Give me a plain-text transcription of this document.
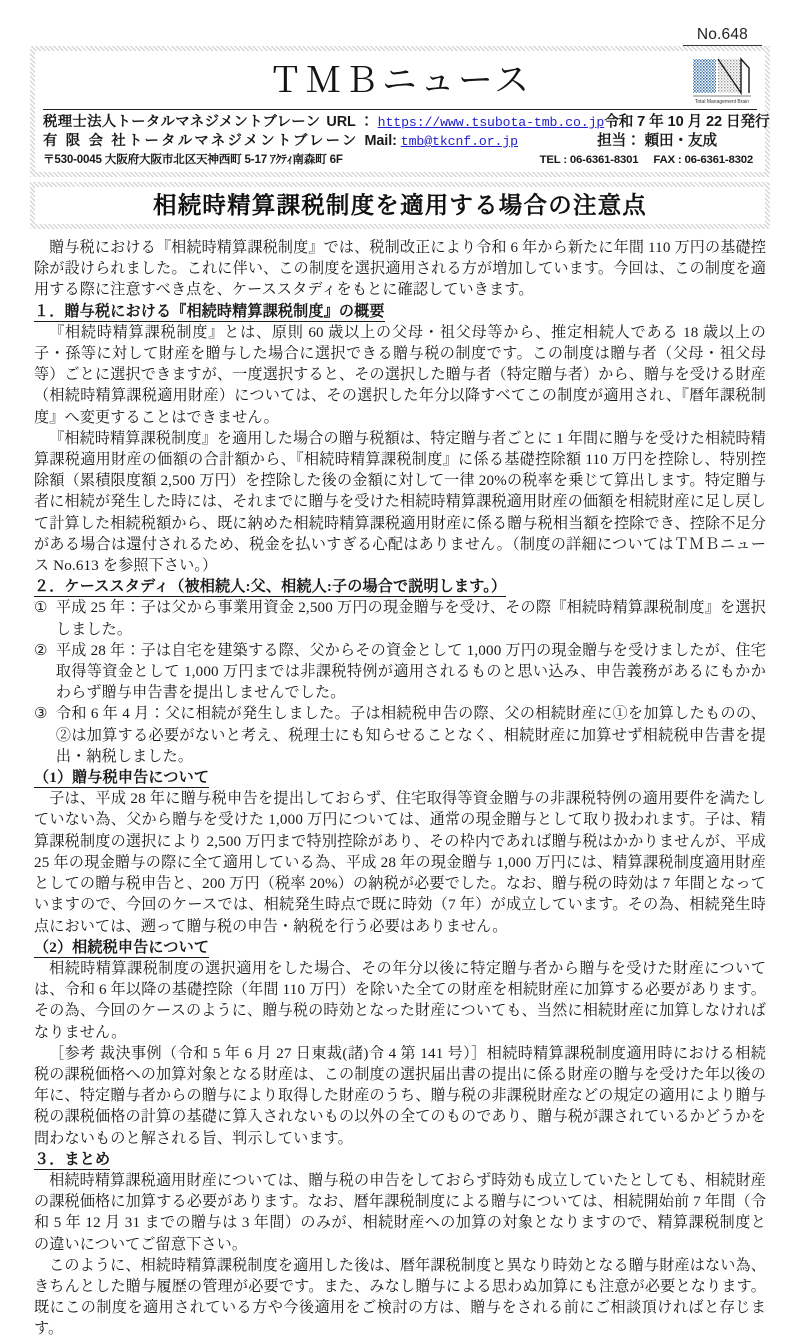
No.648
ＴＭＢニュース
Total Management Brain
税理士法人トータルマネジメントブレーン URL ： https://www.tsubota-tmb.co.jp 令和 7 年 10 月 22 日発行
有 限 会 社トータルマネジメントブレーン Mail: tmb@tkcnf.or.jp	担当： 頼田・友成
〒530-0045 大阪府大阪市北区天神西町 5-17 ｱｸﾃｨ南森町 6F	TEL : 06-6361-8301 FAX : 06-6361-8302
相続時精算課税制度を適用する場合の注意点

贈与税における『相続時精算課税制度』では、税制改正により令和 6 年から新たに年間 110 万円の基礎控除が設けられました。これに伴い、この制度を選択適用される方が増加しています。今回は、この制度を適用する際に注意すべき点を、ケーススタディをもとに確認していきます。

１．贈与税における『相続時精算課税制度』の概要

『相続時精算課税制度』とは、原則 60 歳以上の父母・祖父母等から、推定相続人である 18 歳以上の子・孫等に対して財産を贈与した場合に選択できる贈与税の制度です。この制度は贈与者（父母・祖父母等）ごとに選択できますが、一度選択すると、その選択した贈与者（特定贈与者）から、贈与を受ける財産（相続時精算課税適用財産）については、その選択した年分以降すべてこの制度が適用され、『暦年課税制度』へ変更することはできません。

『相続時精算課税制度』を適用した場合の贈与税額は、特定贈与者ごとに 1 年間に贈与を受けた相続時精算課税適用財産の価額の合計額から、『相続時精算課税制度』に係る基礎控除額 110 万円を控除し、特別控除額（累積限度額 2,500 万円）を控除した後の金額に対して一律 20%の税率を乗じて算出します。特定贈与者に相続が発生した時には、それまでに贈与を受けた相続時精算課税適用財産の価額を相続財産に足し戻して計算した相続税額から、既に納めた相続時精算課税適用財産に係る贈与税相当額を控除でき、控除不足分がある場合は還付されるため、税金を払いすぎる心配はありません。（制度の詳細についてはＴＭＢニュース No.613 を参照下さい。）

２．ケーススタディ（被相続人:父、相続人:子の場合で説明します。）

① 平成 25 年：子は父から事業用資金 2,500 万円の現金贈与を受け、その際『相続時精算課税制度』を選択しました。

② 平成 28 年：子は自宅を建築する際、父からその資金として 1,000 万円の現金贈与を受けましたが、住宅取得等資金として 1,000 万円までは非課税特例が適用されるものと思い込み、申告義務があるにもかかわらず贈与申告書を提出しませんでした。

③ 令和 6 年 4 月：父に相続が発生しました。子は相続税申告の際、父の相続財産に①を加算したものの、②は加算する必要がないと考え、税理士にも知らせることなく、相続財産に加算せず相続税申告書を提出・納税しました。

（1）贈与税申告について

子は、平成 28 年に贈与税申告を提出しておらず、住宅取得等資金贈与の非課税特例の適用要件を満たしていない為、父から贈与を受けた 1,000 万円については、通常の現金贈与として取り扱われます。子は、精算課税制度の選択により 2,500 万円まで特別控除があり、その枠内であれば贈与税はかかりませんが、平成 25 年の現金贈与の際に全て適用している為、平成 28 年の現金贈与 1,000 万円には、精算課税制度適用財産としての贈与税申告と、200 万円（税率 20%）の納税が必要でした。なお、贈与税の時効は 7 年間となっていますので、今回のケースでは、相続発生時点で既に時効（7 年）が成立しています。その為、相続発生時点においては、遡って贈与税の申告・納税を行う必要はありません。

（2）相続税申告について

相続時精算課税制度の選択適用をした場合、その年分以後に特定贈与者から贈与を受けた財産については、令和 6 年以降の基礎控除（年間 110 万円）を除いた全ての財産を相続財産に加算する必要があります。その為、今回のケースのように、贈与税の時効となった財産についても、当然に相続財産に加算しなければなりません。

［参考 裁決事例（令和 5 年 6 月 27 日東裁(諸)令 4 第 141 号）］相続時精算課税制度適用時における相続税の課税価格への加算対象となる財産は、この制度の選択届出書の提出に係る財産の贈与を受けた年以後の年に、特定贈与者からの贈与により取得した財産のうち、贈与税の非課税財産などの規定の適用により贈与税の課税価格の計算の基礎に算入されないもの以外の全てのものであり、贈与税が課されているかどうかを問わないものと解される旨、判示しています。

３．まとめ

相続時精算課税適用財産については、贈与税の申告をしておらず時効も成立していたとしても、相続財産の課税価格に加算する必要があります。なお、暦年課税制度による贈与については、相続開始前 7 年間（令和 5 年 12 月 31 までの贈与は 3 年間）のみが、相続財産への加算の対象となりますので、精算課税制度との違いについてご留意下さい。

このように、相続時精算課税制度を適用した後は、暦年課税制度と異なり時効となる贈与財産はない為、きちんとした贈与履歴の管理が必要です。また、みなし贈与による思わぬ加算にも注意が必要となります。既にこの制度を適用されている方や今後適用をご検討の方は、贈与をされる前にご相談頂ければと存じます。
